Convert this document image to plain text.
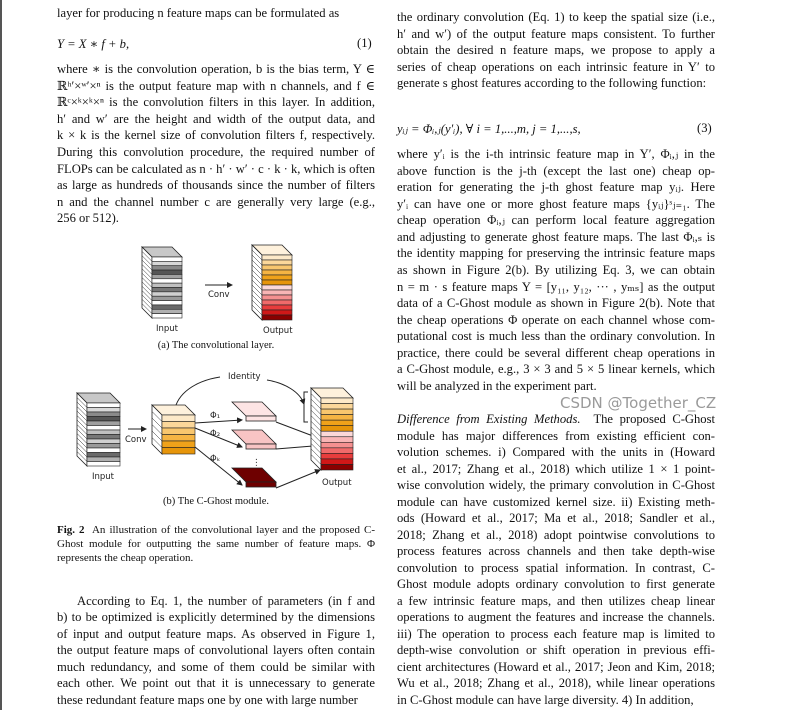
layer for producing n feature maps can be formulated as
Y = X ∗ f + b,	(1)
yᵢⱼ = Φᵢ,ⱼ(y′ᵢ), ∀ i = 1,...,m, j = 1,...,s,	(3)
Difference from Existing Methods. The proposed C-Ghost
Conv
Input	Output
Conv
Input
Identity
Φ₁
Φ₂
Φₖ	⋮
Output
(a) The convolutional layer.
(b) The C-Ghost module.
Fig. 2 An illustration of the convolutional layer and the proposed C-
Ghost module for outputting the same number of feature maps. Φ
represents the cheap operation.
CSDN @Together_CZ
where ∗ is the convolution operation, b is the bias term, Y ∈
ℝʰ′×ʷ′×ⁿ is the output feature map with n channels, and f ∈
ℝᶜ×ᵏ×ᵏ×ⁿ is the convolution filters in this layer. In addition,
h′ and w′ are the height and width of the output data, and
k × k is the kernel size of convolution filters f, respectively.
During this convolution procedure, the required number of
FLOPs can be calculated as n · h′ · w′ · c · k · k, which is often
as large as hundreds of thousands since the number of filters
n and the channel number c are generally very large (e.g.,
256 or 512).
According to Eq. 1, the number of parameters (in f and
b) to be optimized is explicitly determined by the dimensions
of input and output feature maps. As observed in Figure 1,
the output feature maps of convolutional layers often contain
much redundancy, and some of them could be similar with
each other. We point out that it is unnecessary to generate
these redundant feature maps one by one with large number
the ordinary convolution (Eq. 1) to keep the spatial size (i.e.,
h′ and w′) of the output feature maps consistent. To further
obtain the desired n feature maps, we propose to apply a
series of cheap operations on each intrinsic feature in Y′ to
generate s ghost features according to the following function:
where y′ᵢ is the i-th intrinsic feature map in Y′, Φᵢ,ⱼ in the
above function is the j-th (except the last one) cheap op-
eration for generating the j-th ghost feature map yᵢⱼ. Here
y′ᵢ can have one or more ghost feature maps {yᵢⱼ}ˢⱼ₌₁. The
cheap operation Φᵢ,ⱼ can perform local feature aggregation
and adjusting to generate ghost feature maps. The last Φᵢ,ₛ is
the identity mapping for preserving the intrinsic feature maps
as shown in Figure 2(b). By utilizing Eq. 3, we can obtain
n = m · s feature maps Y = [y₁₁, y₁₂, ··· , yₘₛ] as the output
data of a C-Ghost module as shown in Figure 2(b). Note that
the cheap operations Φ operate on each channel whose com-
putational cost is much less than the ordinary convolution. In
practice, there could be several different cheap operations in
a C-Ghost module, e.g., 3 × 3 and 5 × 5 linear kernels, which
will be analyzed in the experiment part.
module has major differences from existing efficient con-
volution schemes. i) Compared with the units in (Howard
et al., 2017; Zhang et al., 2018) which utilize 1 × 1 point-
wise convolution widely, the primary convolution in C-Ghost
module can have customized kernel size. ii) Existing meth-
ods (Howard et al., 2017; Ma et al., 2018; Sandler et al.,
2018; Zhang et al., 2018) adopt pointwise convolutions to
process features across channels and then take depth-wise
convolution to process spatial information. In contrast, C-
Ghost module adopts ordinary convolution to first generate
a few intrinsic feature maps, and then utilizes cheap linear
operations to augment the features and increase the channels.
iii) The operation to process each feature map is limited to
depth-wise convolution or shift operation in previous effi-
cient architectures (Howard et al., 2017; Jeon and Kim, 2018;
Wu et al., 2018; Zhang et al., 2018), while linear operations
in C-Ghost module can have large diversity. 4) In addition,
